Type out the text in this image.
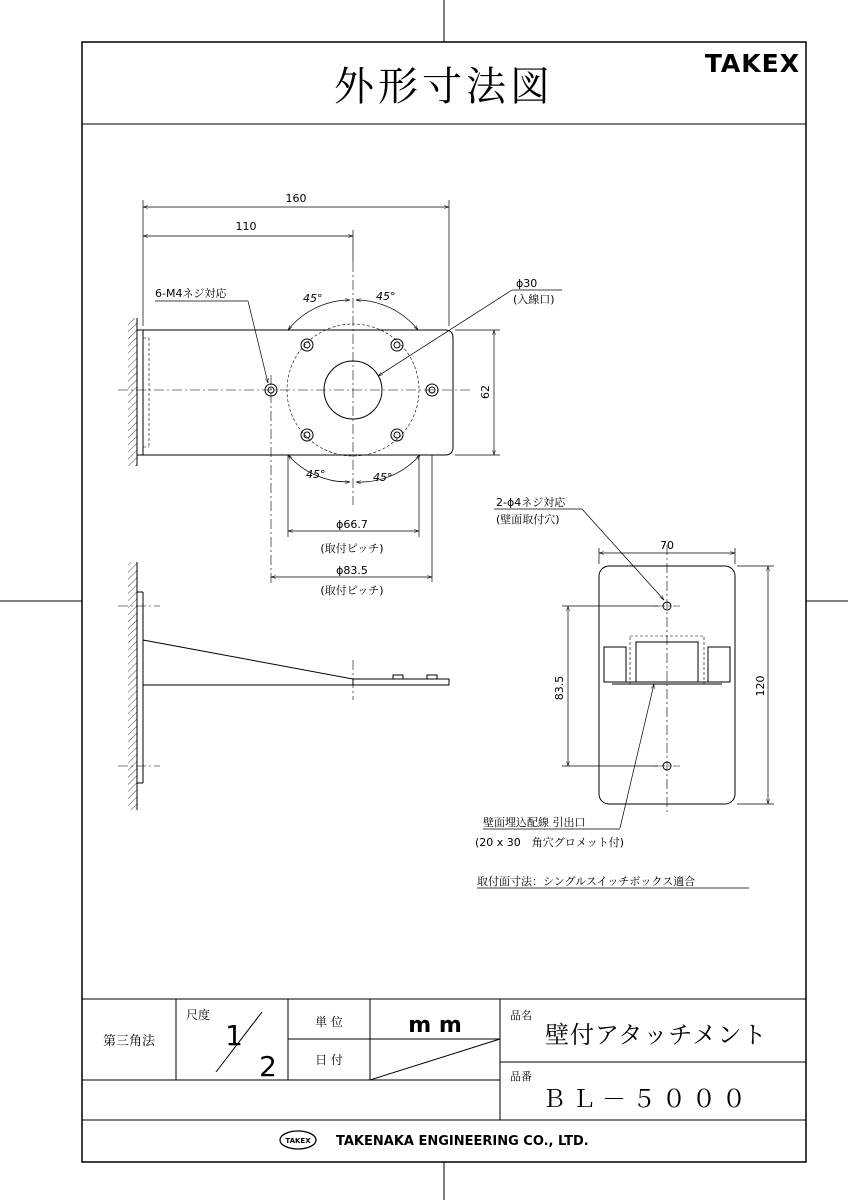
外形寸法図
TAKEX
45°	45°
45°	45°
160
110
62
6-M4ネジ対応
ϕ30
(入線口)
ϕ66.7
(取付ピッチ)
ϕ83.5
(取付ピッチ)
70
120
83.5
2-ϕ4ネジ対応
(壁面取付穴)
壁面埋込配線 引出口
(20 x 30　角穴グロメット付)
取付面寸法：シングルスイッチボックス適合
第三角法
尺度
1
2
単 位	m m
日 付
品名
壁付アタッチメント
品番
ＢＬ－５０００
TAKEX TAKENAKA ENGINEERING CO., LTD.
